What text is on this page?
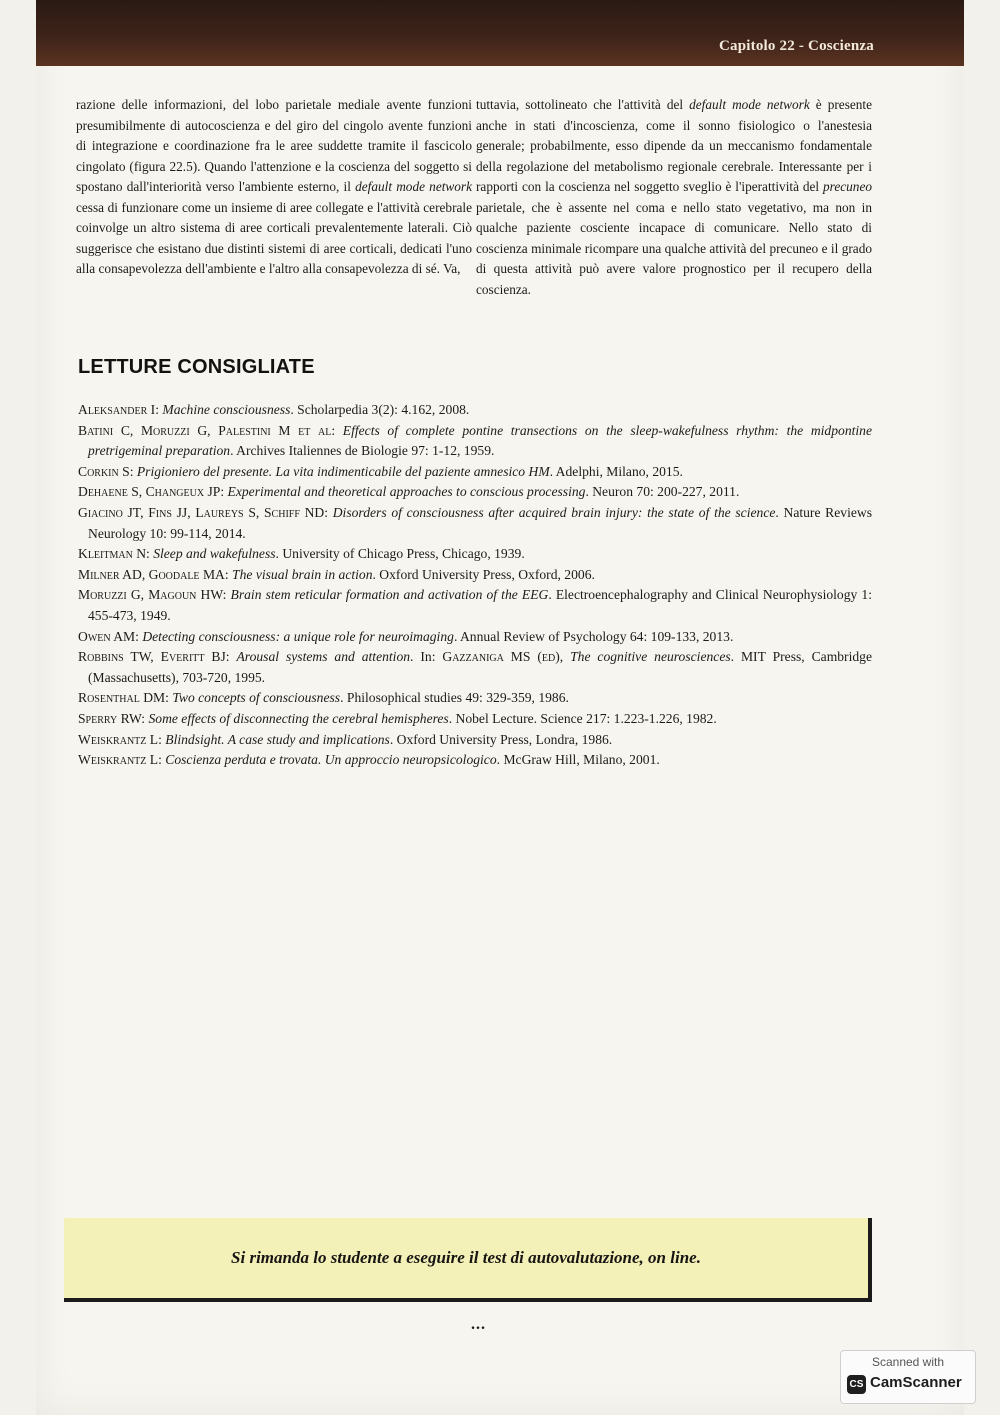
Capitolo 22 - Coscienza

razione delle informazioni, del lobo parietale mediale avente funzioni presumibilmente di autocoscienza e del giro del cingolo avente funzioni di integrazione e coordinazione fra le aree suddette tramite il fascicolo cingolato (figura 22.5). Quando l'attenzione e la coscienza del soggetto si spostano dall'interiorità verso l'ambiente esterno, il default mode network cessa di funzionare come un insieme di aree collegate e l'attività cerebrale coinvolge un altro sistema di aree corticali prevalentemente laterali. Ciò suggerisce che esistano due distinti sistemi di aree corticali, dedicati l'uno alla consapevolezza dell'ambiente e l'altro alla consapevolezza di sé. Va,

tuttavia, sottolineato che l'attività del default mode network è presente anche in stati d'incoscienza, come il sonno fisiologico o l'anestesia generale; probabilmente, esso dipende da un meccanismo fondamentale della regolazione del metabolismo regionale cerebrale. Interessante per i rapporti con la coscienza nel soggetto sveglio è l'iperattività del precuneo parietale, che è assente nel coma e nello stato vegetativo, ma non in qualche paziente cosciente incapace di comunicare. Nello stato di coscienza minimale ricompare una qualche attività del precuneo e il grado di questa attività può avere valore prognostico per il recupero della coscienza.

LETTURE CONSIGLIATE

Aleksander I: Machine consciousness. Scholarpedia 3(2): 4.162, 2008.

Batini C, Moruzzi G, Palestini M et al: Effects of complete pontine transections on the sleep-wakefulness rhythm: the midpontine pretrigeminal preparation. Archives Italiennes de Biologie 97: 1-12, 1959.

Corkin S: Prigioniero del presente. La vita indimenticabile del paziente amnesico HM. Adelphi, Milano, 2015.

Dehaene S, Changeux JP: Experimental and theoretical approaches to conscious processing. Neuron 70: 200-227, 2011.

Giacino JT, Fins JJ, Laureys S, Schiff ND: Disorders of consciousness after acquired brain injury: the state of the science. Nature Reviews Neurology 10: 99-114, 2014.

Kleitman N: Sleep and wakefulness. University of Chicago Press, Chicago, 1939.

Milner AD, Goodale MA: The visual brain in action. Oxford University Press, Oxford, 2006.

Moruzzi G, Magoun HW: Brain stem reticular formation and activation of the EEG. Electroencephalography and Clinical Neurophysiology 1: 455-473, 1949.

Owen AM: Detecting consciousness: a unique role for neuroimaging. Annual Review of Psychology 64: 109-133, 2013.

Robbins TW, Everitt BJ: Arousal systems and attention. In: Gazzaniga MS (ed), The cognitive neurosciences. MIT Press, Cambridge (Massachusetts), 703-720, 1995.

Rosenthal DM: Two concepts of consciousness. Philosophical studies 49: 329-359, 1986.

Sperry RW: Some effects of disconnecting the cerebral hemispheres. Nobel Lecture. Science 217: 1.223-1.226, 1982.

Weiskrantz L: Blindsight. A case study and implications. Oxford University Press, Londra, 1986.

Weiskrantz L: Coscienza perduta e trovata. Un approccio neuropsicologico. McGraw Hill, Milano, 2001.

Si rimanda lo studente a eseguire il test di autovalutazione, on line.
...
Scanned with
CS CamScanner
